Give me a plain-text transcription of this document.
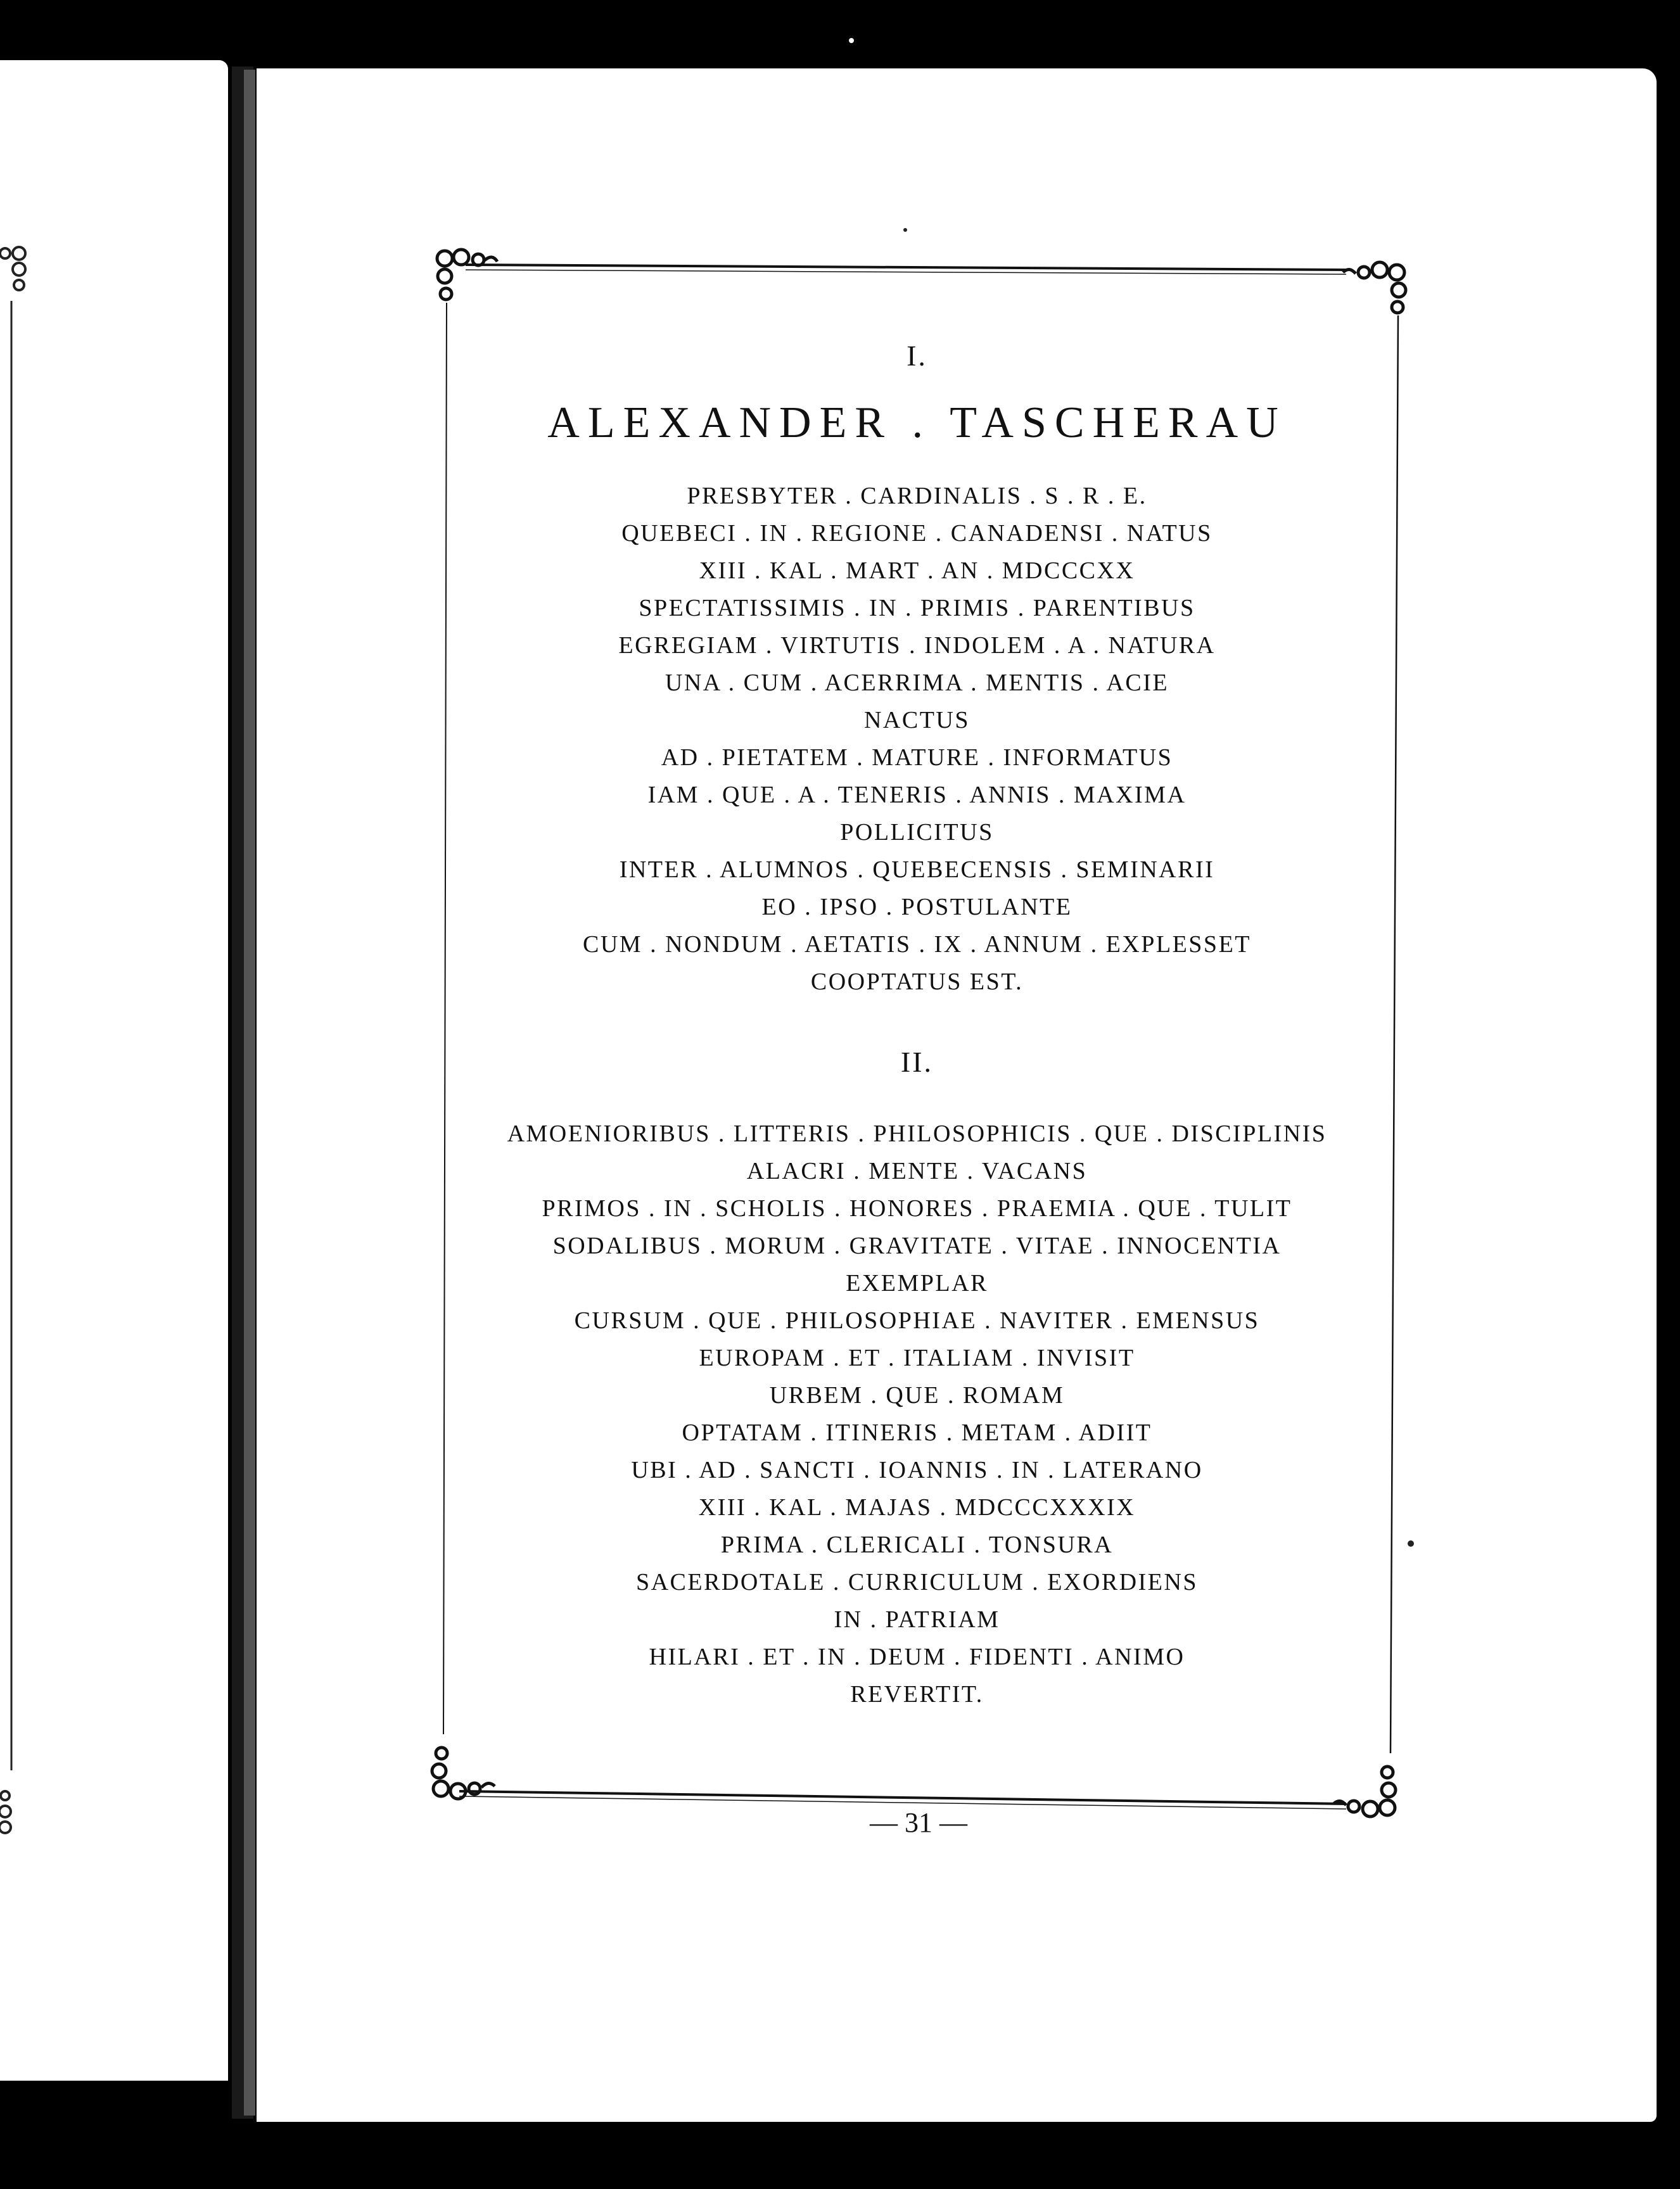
I.
ALEXANDER . TASCHERAU
PRESBYTER . CARDINALIS . S . R . E.
QUEBECI . IN . REGIONE . CANADENSI . NATUS
XIII . KAL . MART . AN . MDCCCXX
SPECTATISSIMIS . IN . PRIMIS . PARENTIBUS
EGREGIAM . VIRTUTIS . INDOLEM . A . NATURA
UNA . CUM . ACERRIMA . MENTIS . ACIE
NACTUS
AD . PIETATEM . MATURE . INFORMATUS
IAM . QUE . A . TENERIS . ANNIS . MAXIMA
POLLICITUS
INTER . ALUMNOS . QUEBECENSIS . SEMINARII
EO . IPSO . POSTULANTE
CUM . NONDUM . AETATIS . IX . ANNUM . EXPLESSET
COOPTATUS EST.
II.
AMOENIORIBUS . LITTERIS . PHILOSOPHICIS . QUE . DISCIPLINIS
ALACRI . MENTE . VACANS
PRIMOS . IN . SCHOLIS . HONORES . PRAEMIA . QUE . TULIT
SODALIBUS . MORUM . GRAVITATE . VITAE . INNOCENTIA
EXEMPLAR
CURSUM . QUE . PHILOSOPHIAE . NAVITER . EMENSUS
EUROPAM . ET . ITALIAM . INVISIT
URBEM . QUE . ROMAM
OPTATAM . ITINERIS . METAM . ADIIT
UBI . AD . SANCTI . IOANNIS . IN . LATERANO
XIII . KAL . MAJAS . MDCCCXXXIX
PRIMA . CLERICALI . TONSURA
SACERDOTALE . CURRICULUM . EXORDIENS
IN . PATRIAM
HILARI . ET . IN . DEUM . FIDENTI . ANIMO
REVERTIT.
— 31 —
